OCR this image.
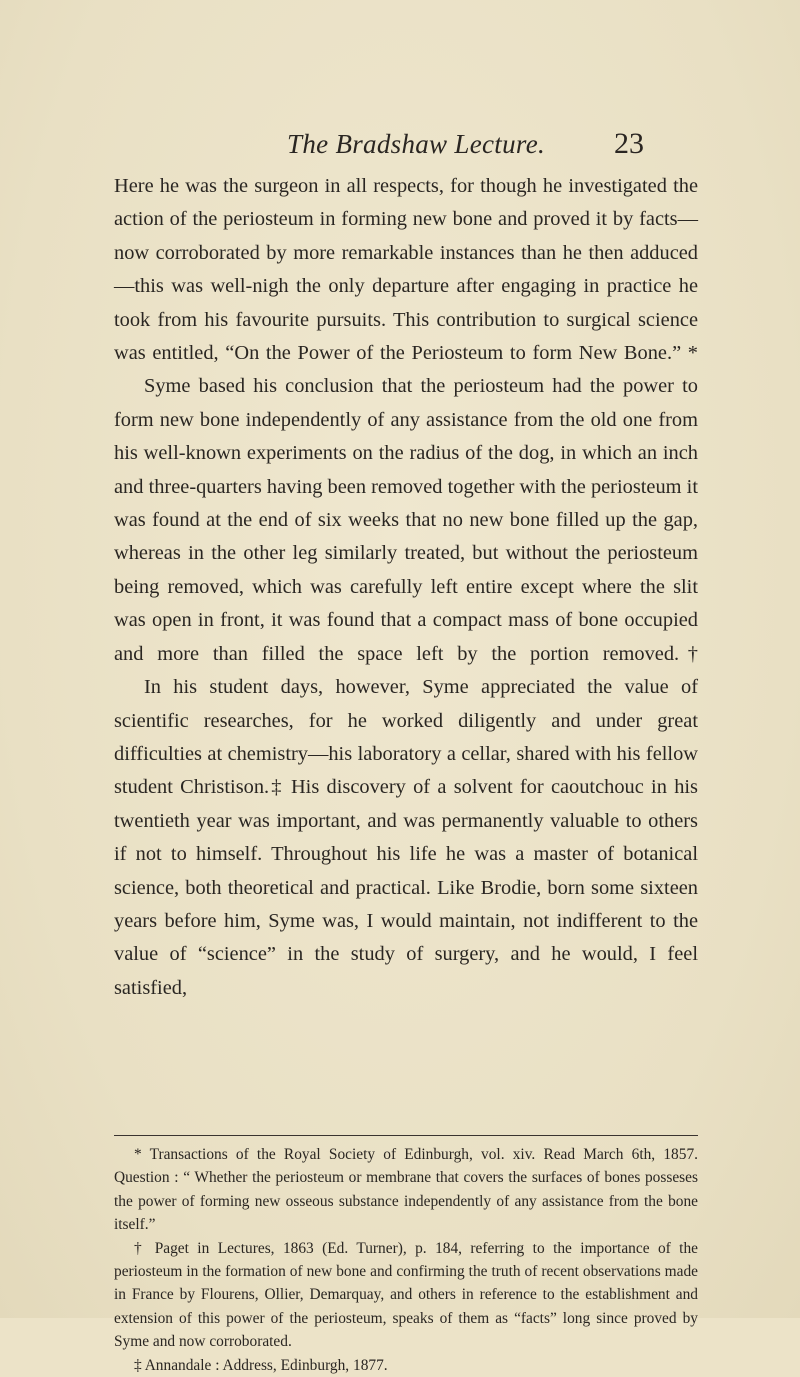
The Bradshaw Lecture. 23

Here he was the surgeon in all respects, for though he investigated the action of the periosteum in forming new bone and proved it by facts—now corroborated by more remarkable instances than he then adduced—this was well-nigh the only departure after engaging in practice he took from his favourite pursuits. This contribution to surgical science was entitled, “On the Power of the Periosteum to form New Bone.” *

Syme based his conclusion that the periosteum had the power to form new bone independently of any assistance from the old one from his well-known experiments on the radius of the dog, in which an inch and three-quarters having been removed together with the periosteum it was found at the end of six weeks that no new bone filled up the gap, whereas in the other leg similarly treated, but without the periosteum being removed, which was carefully left entire except where the slit was open in front, it was found that a compact mass of bone occupied and more than filled the space left by the portion removed.†

In his student days, however, Syme appreciated the value of scientific researches, for he worked diligently and under great difficulties at chemistry—his laboratory a cellar, shared with his fellow student Christison.‡ His discovery of a solvent for caoutchouc in his twentieth year was important, and was permanently valuable to others if not to himself. Throughout his life he was a master of botanical science, both theoretical and practical. Like Brodie, born some sixteen years before him, Syme was, I would maintain, not indifferent to the value of “science” in the study of surgery, and he would, I feel satisfied,

* Transactions of the Royal Society of Edinburgh, vol. xiv. Read March 6th, 1857. Question : “ Whether the periosteum or membrane that covers the surfaces of bones posseses the power of forming new osseous substance independently of any assistance from the bone itself.”

† Paget in Lectures, 1863 (Ed. Turner), p. 184, referring to the importance of the periosteum in the formation of new bone and confirming the truth of recent observations made in France by Flourens, Ollier, Demarquay, and others in reference to the establishment and extension of this power of the periosteum, speaks of them as “facts” long since proved by Syme and now corroborated.

‡ Annandale : Address, Edinburgh, 1877.
